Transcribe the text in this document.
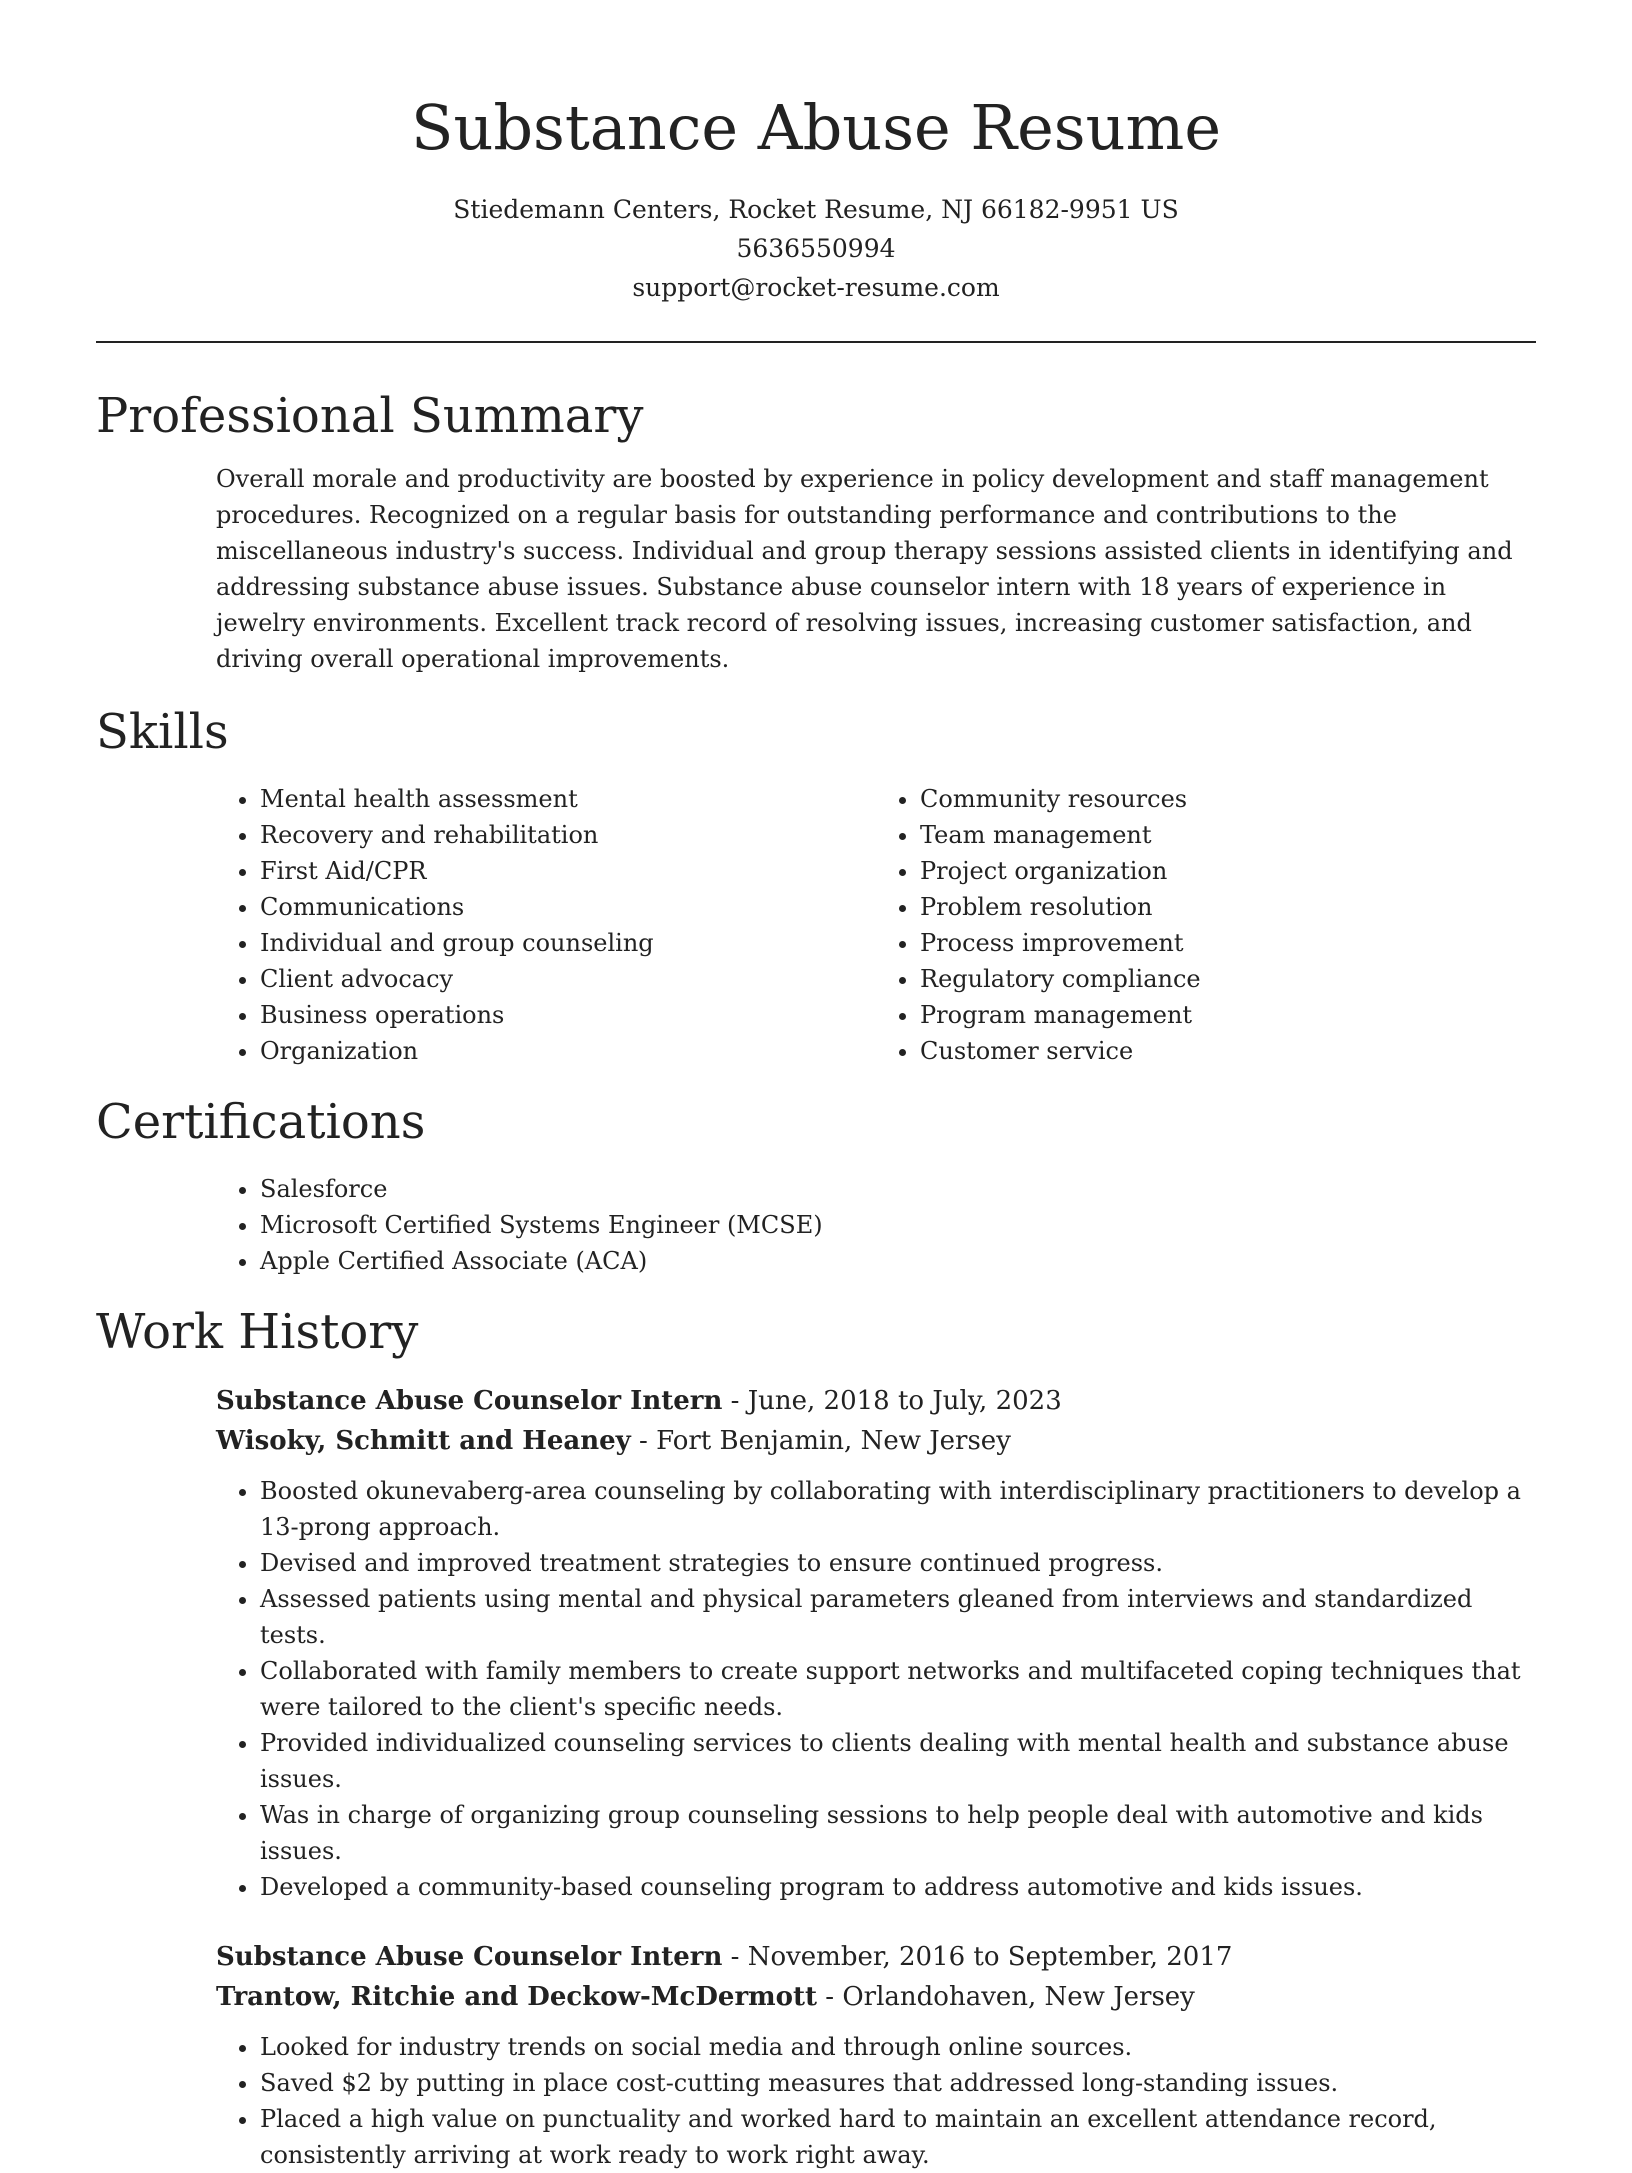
Substance Abuse Resume
Stiedemann Centers, Rocket Resume, NJ 66182-9951 US
5636550994
support@rocket-resume.com
Professional Summary

Overall morale and productivity are boosted by experience in policy development and staff management procedures. Recognized on a regular basis for outstanding performance and contributions to the miscellaneous industry's success. Individual and group therapy sessions assisted clients in identifying and addressing substance abuse issues. Substance abuse counselor intern with 18 years of experience in jewelry environments. Excellent track record of resolving issues, increasing customer satisfaction, and driving overall operational improvements.

Skills
• Mental health assessment
• Recovery and rehabilitation
• First Aid/CPR
• Communications
• Individual and group counseling
• Client advocacy
• Business operations
• Organization
• Community resources
• Team management
• Project organization
• Problem resolution
• Process improvement
• Regulatory compliance
• Program management
• Customer service
Certifications
• Salesforce
• Microsoft Certified Systems Engineer (MCSE)
• Apple Certified Associate (ACA)
Work History
Substance Abuse Counselor Intern - June, 2018 to July, 2023
Wisoky, Schmitt and Heaney - Fort Benjamin, New Jersey
• Boosted okunevaberg-area counseling by collaborating with interdisciplinary practitioners to develop a 13-prong approach.
• Devised and improved treatment strategies to ensure continued progress.
• Assessed patients using mental and physical parameters gleaned from interviews and standardized tests.
• Collaborated with family members to create support networks and multifaceted coping techniques that were tailored to the client's specific needs.
• Provided individualized counseling services to clients dealing with mental health and substance abuse issues.
• Was in charge of organizing group counseling sessions to help people deal with automotive and kids issues.
• Developed a community-based counseling program to address automotive and kids issues.
Substance Abuse Counselor Intern - November, 2016 to September, 2017
Trantow, Ritchie and Deckow-McDermott - Orlandohaven, New Jersey
• Looked for industry trends on social media and through online sources.
• Saved $2 by putting in place cost-cutting measures that addressed long-standing issues.
• Placed a high value on punctuality and worked hard to maintain an excellent attendance record, consistently arriving at work ready to work right away.
